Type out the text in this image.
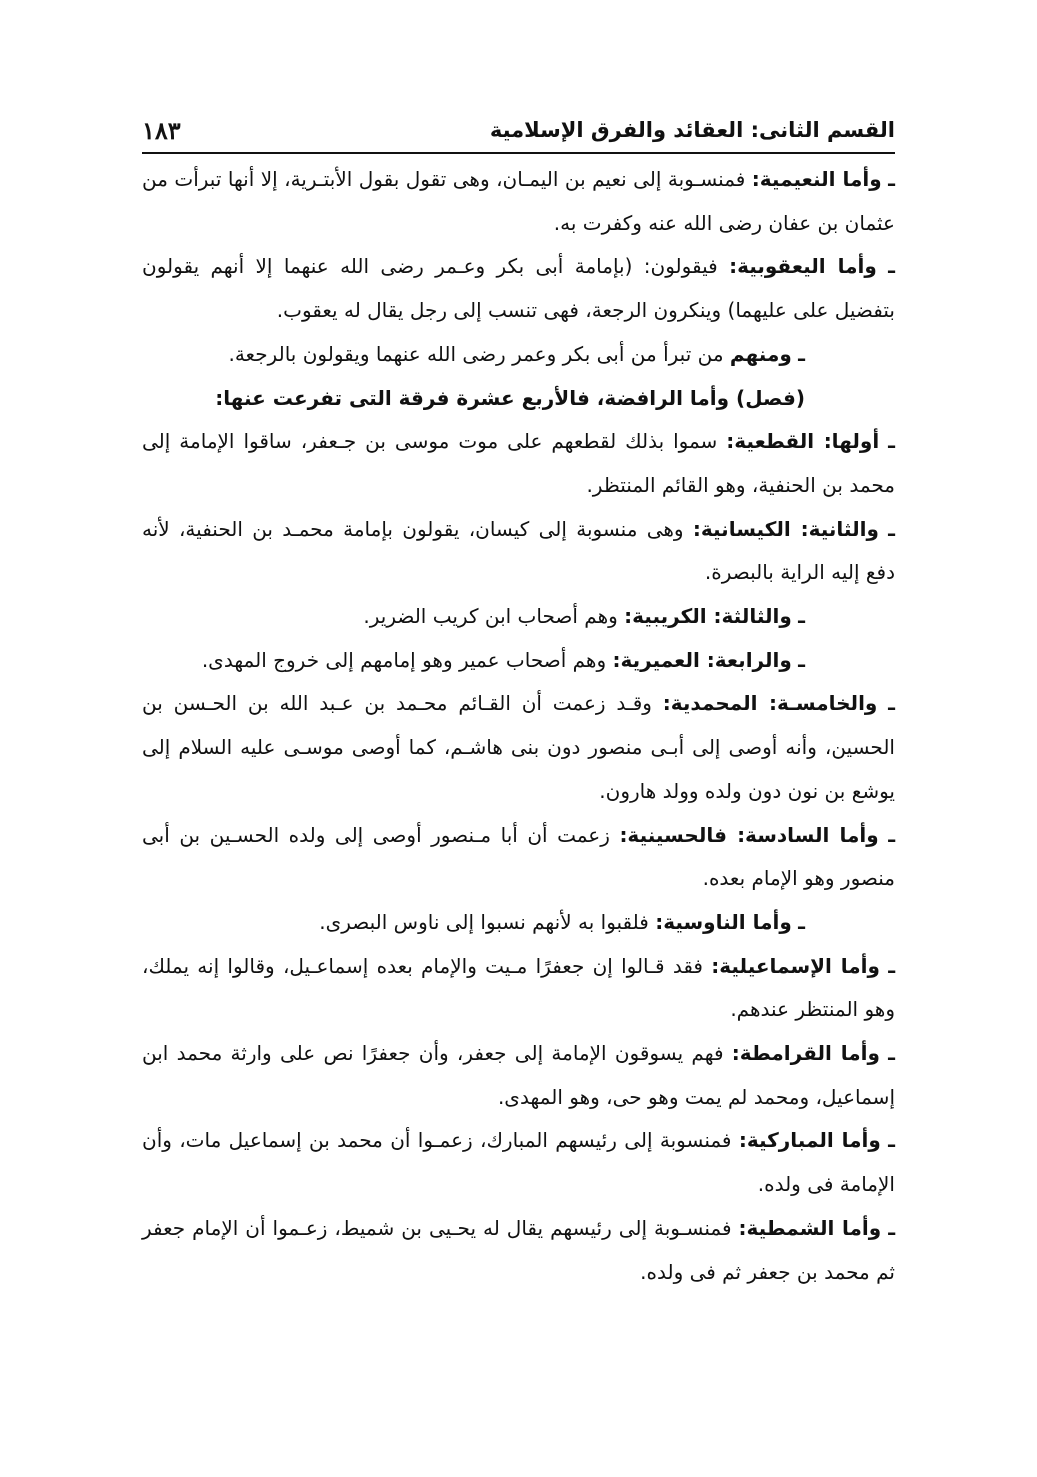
القسم الثانى: العقائد والفرق الإسلامية
١٨٣

ـ وأما النعيمية: فمنسـوبة إلى نعيم بن اليمـان، وهى تقول بقول الأبتـرية، إلا أنها تبرأت من عثمان بن عفان رضى الله عنه وكفرت به.

ـ وأما اليعقوبية: فيقولون: (بإمامة أبى بكر وعـمر رضى الله عنهما إلا أنهم يقولون بتفضيل على عليهما) وينكرون الرجعة، فهى تنسب إلى رجل يقال له يعقوب.

ـ ومنهم من تبرأ من أبى بكر وعمر رضى الله عنهما ويقولون بالرجعة.

(فصل) وأما الرافضة، فالأربع عشرة فرقة التى تفرعت عنها:

ـ أولها: القطعية: سموا بذلك لقطعهم على موت موسى بن جـعفر، ساقوا الإمامة إلى محمد بن الحنفية، وهو القائم المنتظر.

ـ والثانية: الكيسانية: وهى منسوبة إلى كيسان، يقولون بإمامة محمـد بن الحنفية، لأنه دفع إليه الراية بالبصرة.

ـ والثالثة: الكريبية: وهم أصحاب ابن كريب الضرير.

ـ والرابعة: العميرية: وهم أصحاب عمير وهو إمامهم إلى خروج المهدى.

ـ والخامسـة: المحمدية: وقـد زعمت أن القـائم محـمد بن عـبد الله بن الحـسن بن الحسين، وأنه أوصى إلى أبـى منصور دون بنى هاشـم، كما أوصى موسـى عليه السلام إلى يوشع بن نون دون ولده وولد هارون.

ـ وأما السادسة: فالحسينية: زعمت أن أبا مـنصور أوصى إلى ولده الحسـين بن أبى منصور وهو الإمام بعده.

ـ وأما الناوسية: فلقبوا به لأنهم نسبوا إلى ناوس البصرى.

ـ وأما الإسماعيلية: فقد قـالوا إن جعفرًا مـيت والإمام بعده إسماعـيل، وقالوا إنه يملك، وهو المنتظر عندهم.

ـ وأما القرامطة: فهم يسوقون الإمامة إلى جعفر، وأن جعفرًا نص على وارثة محمد ابن إسماعيل، ومحمد لم يمت وهو حى، وهو المهدى.

ـ وأما المباركية: فمنسوبة إلى رئيسهم المبارك، زعمـوا أن محمد بن إسماعيل مات، وأن الإمامة فى ولده.

ـ وأما الشمطية: فمنسـوبة إلى رئيسهم يقال له يحـيى بن شميط، زعـموا أن الإمام جعفر ثم محمد بن جعفر ثم فى ولده.
